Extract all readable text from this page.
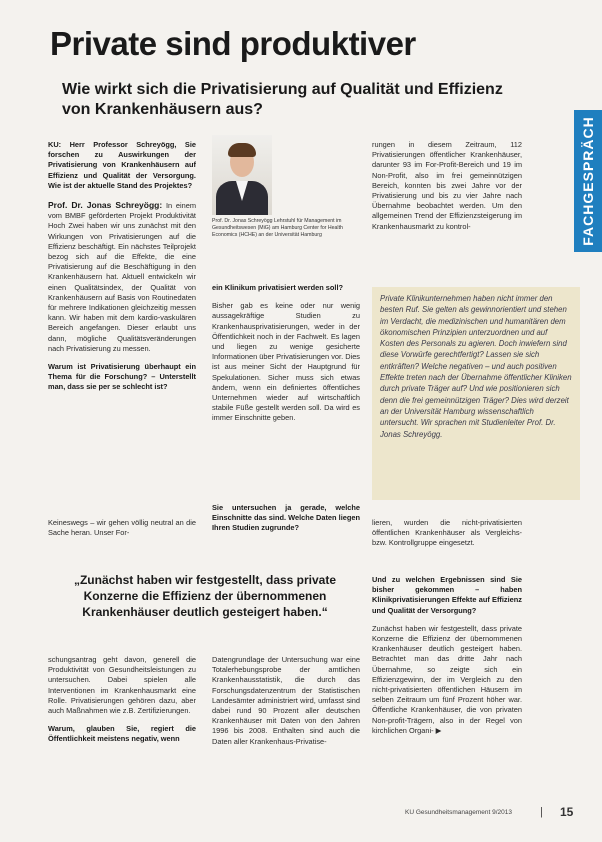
Private sind produktiver
Wie wirkt sich die Privatisierung auf Qualität und Effizienz von Krankenhäusern aus?
FACHGESPRÄCH

KU: Herr Professor Schreyögg, Sie forschen zu Auswirkungen der Privatisierung von Krankenhäusern auf Effizienz und Qualität der Versorgung. Wie ist der aktuelle Stand des Projektes?

Prof. Dr. Jonas Schreyögg: In einem vom BMBF geförderten Projekt Produktivität Hoch Zwei haben wir uns zunächst mit den Wirkungen von Privatisierungen auf die Effizienz beschäftigt. Ein nächstes Teilprojekt bezog sich auf die Effekte, die eine Privatisierung auf die Beschäftigung in den Krankenhäusern hat. Aktuell entwickeln wir einen Qualitätsindex, der Qualität von Krankenhäusern auf Basis von Routinedaten für mehrere Indikationen gleichzeitig messen kann. Wir haben mit dem kardio-vaskulären Bereich angefangen. Dieser erlaubt uns dann, mögliche Qualitätsveränderungen nach Privatisierung zu messen.

Warum ist Privatisierung überhaupt ein Thema für die Forschung? – Unterstellt man, dass sie per se schlecht ist?

Keineswegs – wir gehen völlig neutral an die Sache heran. Unser For-

schungsantrag geht davon, generell die Produktivität von Gesundheitsleistungen zu untersuchen. Dabei spielen alle Interventionen im Krankenhausmarkt eine Rolle. Privatisierungen gehören dazu, aber auch Maßnahmen wie z.B. Zertifizierungen.

Warum, glauben Sie, regiert die Öffentlichkeit meistens negativ, wenn

Prof. Dr. Jonas Schreyögg Lehrstuhl für Management im Gesundheitswesen (MiG) am Hamburg Center for Health Economics (HCHE) an der Universität Hamburg

ein Klinikum privatisiert werden soll?

Bisher gab es keine oder nur wenig aussagekräftige Studien zu Krankenhausprivatisierungen, weder in der Öffentlichkeit noch in der Fachwelt. Es lagen und liegen zu wenige gesicherte Informationen über Privatisierungen vor. Dies ist aus meiner Sicht der Hauptgrund für Spekulationen. Sicher muss sich etwas ändern, wenn ein definiertes öffentliches Unternehmen wieder auf wirtschaftlich stabile Füße gestellt werden soll. Da wird es immer Einschnitte geben.

Sie untersuchen ja gerade, welche Einschnitte das sind. Welche Daten liegen Ihren Studien zugrunde?

Datengrundlage der Untersuchung war eine Totalerhebungsprobe der amtlichen Krankenhausstatistik, die durch das Forschungsdatenzentrum der Statistischen Landesämter administriert wird, umfasst sind dabei rund 90 Prozent aller deutschen Krankenhäuser mit Daten von den Jahren 1996 bis 2008. Enthalten sind auch die Daten aller Krankenhaus-Privatise-

rungen in diesem Zeitraum, 112 Privatisierungen öffentlicher Krankenhäuser, darunter 93 im For-Profit-Bereich und 19 im Non-Profit, also im frei gemeinnützigen Bereich, konnten bis zwei Jahre vor der Privatisierung und bis zu vier Jahre nach Übernahme beobachtet werden. Um den allgemeinen Trend der Effizienzsteigerung im Krankenhausmarkt zu kontrol-

Private Klinikunternehmen haben nicht immer den besten Ruf. Sie gelten als gewinnorientiert und stehen im Verdacht, die medizinischen und humanitären dem ökonomischen Prinzipien unterzuordnen und auf Kosten des Personals zu agieren. Doch inwiefern sind diese Vorwürfe gerechtfertigt? Lassen sie sich entkräften? Welche negativen – und auch positiven Effekte treten nach der Übernahme öffentlicher Kliniken durch private Träger auf? Und wie positionieren sich denn die frei gemeinnützigen Träger? Dies wird derzeit an der Universität Hamburg wissenschaftlich untersucht. Wir sprachen mit Studienleiter Prof. Dr. Jonas Schreyögg.

lieren, wurden die nicht-privatisierten öffentlichen Krankenhäuser als Vergleichs- bzw. Kontrollgruppe eingesetzt.

Und zu welchen Ergebnissen sind Sie bisher gekommen – haben Klinikprivatisierungen Effekte auf Effizienz und Qualität der Versorgung?

Zunächst haben wir festgestellt, dass private Konzerne die Effizienz der übernommenen Krankenhäuser deutlich gesteigert haben. Betrachtet man das dritte Jahr nach Übernahme, so zeigte sich ein Effizienzgewinn, der im Vergleich zu den nicht-privatisierten öffentlichen Häusern im selben Zeitraum um fünf Prozent höher war. Öffentliche Krankenhäuser, die von privaten Non-profit-Trägern, also in der Regel von kirchlichen Organi- ▶

„Zunächst haben wir festgestellt, dass private Konzerne die Effizienz der übernommenen Krankenhäuser deutlich gesteigert haben.“
KU Gesundheitsmanagement 9/2013	| 15
